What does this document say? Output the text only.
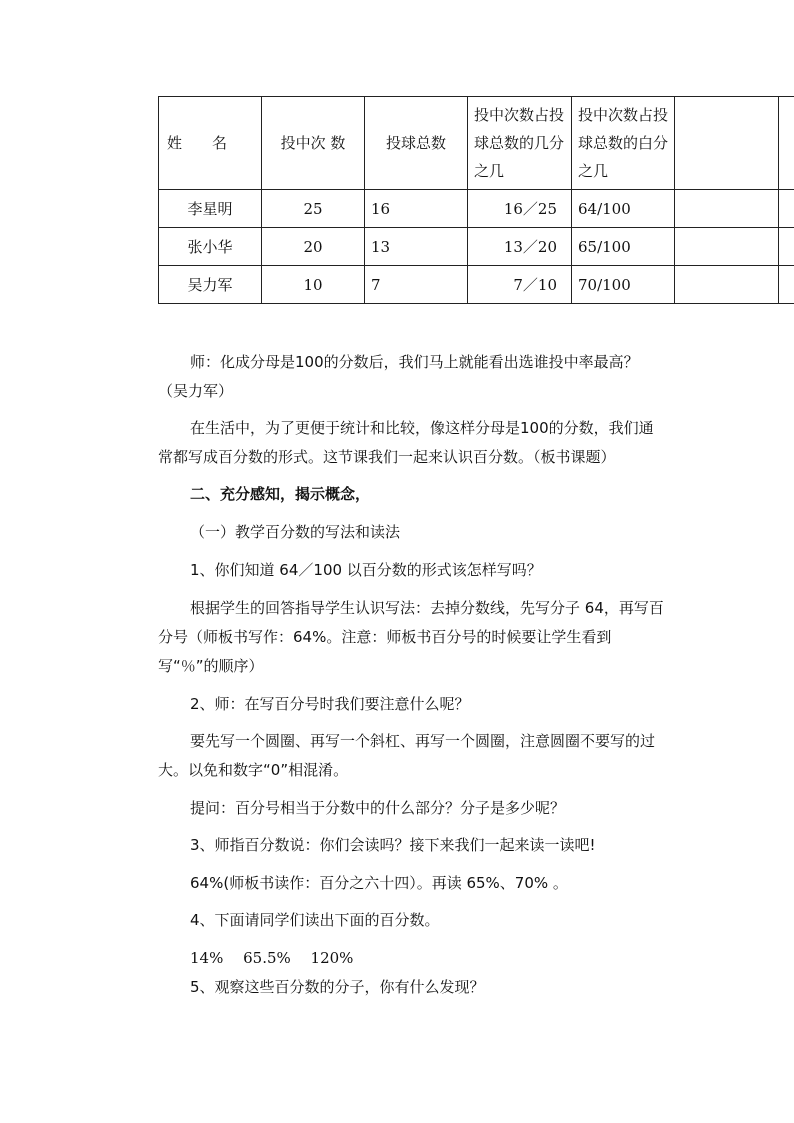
姓　　名	投中次 数	投球总数	投中次数占投球总数的几分之几	投中次数占投球总数的白分之几		
李星明	25	16	16／25	64/100		
张小华	20	13	13／20	65/100		
吴力军	10	7	7／10	70/100		

师：化成分母是100的分数后，我们马上就能看出选谁投中率最高？（吴力军）

在生活中，为了更便于统计和比较，像这样分母是100的分数，我们通常都写成百分数的形式。这节课我们一起来认识百分数。（板书课题）

二、充分感知，揭示概念，

（一）教学百分数的写法和读法

1、你们知道 64／100 以百分数的形式该怎样写吗？

根据学生的回答指导学生认识写法：去掉分数线，先写分子 64，再写百分号（师板书写作：64%。注意：师板书百分号的时候要让学生看到写“％”的顺序）

2、师：在写百分号时我们要注意什么呢？

要先写一个圆圈、再写一个斜杠、再写一个圆圈，注意圆圈不要写的过大。以免和数字“0”相混淆。

提问：百分号相当于分数中的什么部分？分子是多少呢？

3、师指百分数说：你们会读吗？接下来我们一起来读一读吧!

64%(师板书读作：百分之六十四）。再读 65%、70% 。

4、下面请同学们读出下面的百分数。

14%　 65.5%　 120%

5、观察这些百分数的分子，你有什么发现？
